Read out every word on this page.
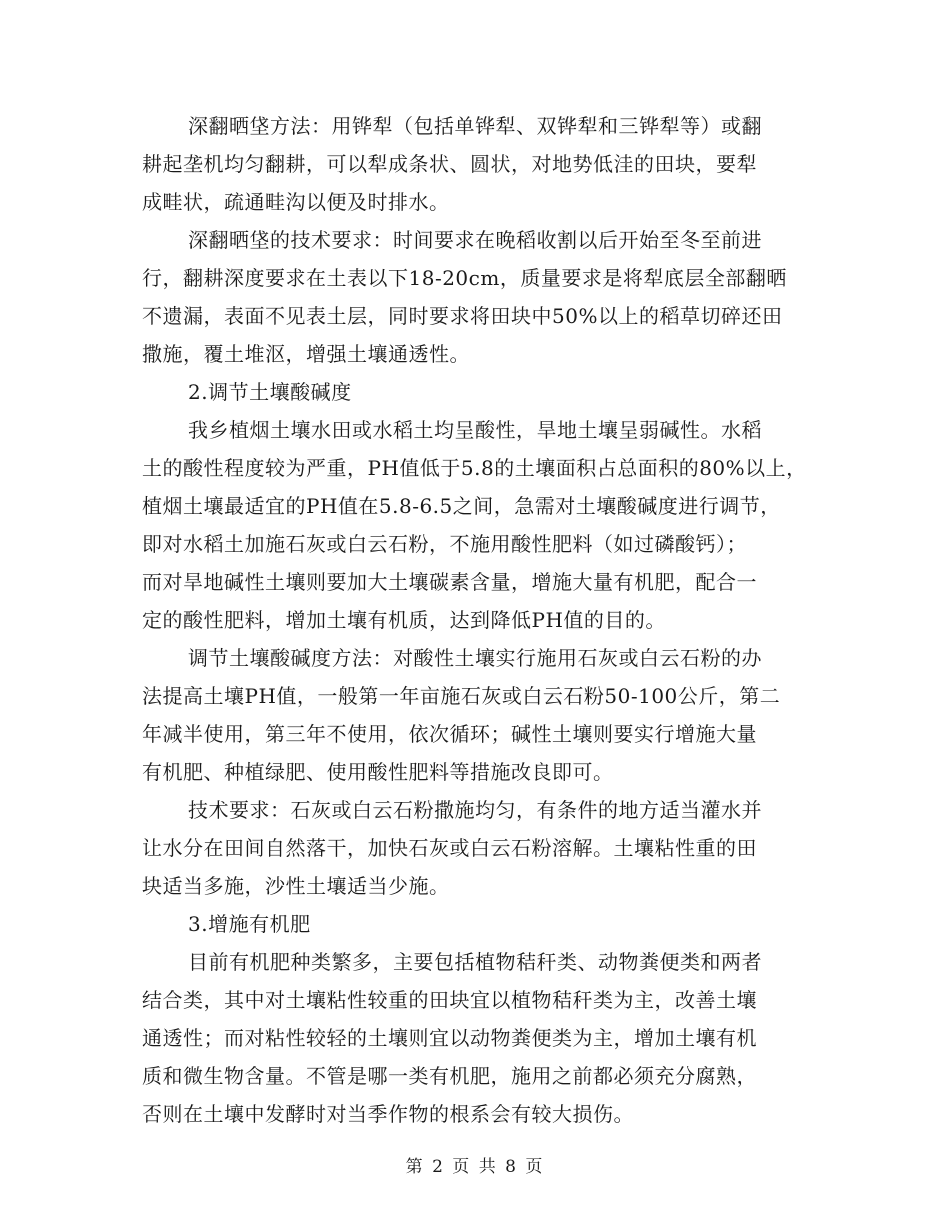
深翻晒垡方法：用铧犁（包括单铧犁、双铧犁和三铧犁等）或翻
耕起垄机均匀翻耕，可以犁成条状、圆状，对地势低洼的田块，要犁
成畦状，疏通畦沟以便及时排水。
深翻晒垡的技术要求：时间要求在晚稻收割以后开始至冬至前进
行，翻耕深度要求在土表以下18-20cm，质量要求是将犁底层全部翻晒
不遗漏，表面不见表土层，同时要求将田块中50%以上的稻草切碎还田
撒施，覆土堆沤，增强土壤通透性。
2.调节土壤酸碱度
我乡植烟土壤水田或水稻土均呈酸性，旱地土壤呈弱碱性。水稻
土的酸性程度较为严重，PH值低于5.8的土壤面积占总面积的80%以上，
植烟土壤最适宜的PH值在5.8-6.5之间，急需对土壤酸碱度进行调节，
即对水稻土加施石灰或白云石粉，不施用酸性肥料（如过磷酸钙）；
而对旱地碱性土壤则要加大土壤碳素含量，增施大量有机肥，配合一
定的酸性肥料，增加土壤有机质，达到降低PH值的目的。
调节土壤酸碱度方法：对酸性土壤实行施用石灰或白云石粉的办
法提高土壤PH值，一般第一年亩施石灰或白云石粉50-100公斤，第二
年减半使用，第三年不使用，依次循环；碱性土壤则要实行增施大量
有机肥、种植绿肥、使用酸性肥料等措施改良即可。
技术要求：石灰或白云石粉撒施均匀，有条件的地方适当灌水并
让水分在田间自然落干，加快石灰或白云石粉溶解。土壤粘性重的田
块适当多施，沙性土壤适当少施。
3.增施有机肥
目前有机肥种类繁多，主要包括植物秸秆类、动物粪便类和两者
结合类，其中对土壤粘性较重的田块宜以植物秸秆类为主，改善土壤
通透性；而对粘性较轻的土壤则宜以动物粪便类为主，增加土壤有机
质和微生物含量。不管是哪一类有机肥，施用之前都必须充分腐熟，
否则在土壤中发酵时对当季作物的根系会有较大损伤。
第 2 页 共 8 页
